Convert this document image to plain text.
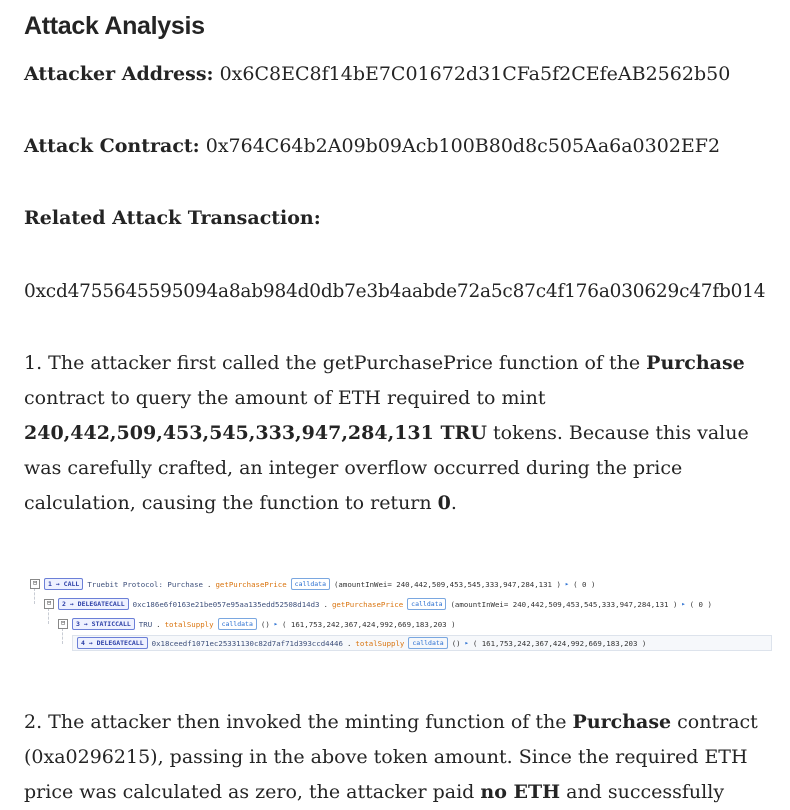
Attack Analysis

Attacker Address: 0x6C8EC8f14bE7C01672d31CFa5f2CEfeAB2562b50

Attack Contract: 0x764C64b2A09b09Acb100B80d8c505Aa6a0302EF2

Related Attack Transaction:

0xcd4755645595094a8ab984d0db7e3b4aabde72a5c87c4f176a030629c47fb014

1. The attacker first called the getPurchasePrice function of the Purchase contract to query the amount of ETH required to mint 240,442,509,453,545,333,947,284,131 TRU tokens. Because this value was carefully crafted, an integer overflow occurred during the price calculation, causing the function to return 0.

⊟	1 → CALL	Truebit Protocol: Purchase . getPurchasePrice	calldata	(amountInWei= 240,442,509,453,545,333,947,284,131 ) ▸ ( 0 )
⊟	2 → DELEGATECALL	0xc186e6f0163e21be057e95aa135edd52508d14d3 . getPurchasePrice	calldata	(amountInWei= 240,442,509,453,545,333,947,284,131 ) ▸ ( 0 )
⊟	3 → STATICCALL	TRU . totalSupply	calldata	() ▸ ( 161,753,242,367,424,992,669,183,203 )
4 → DELEGATECALL	0x18ceedf1071ec25331130c82d7af71d393ccd4446 . totalSupply	calldata	() ▸ ( 161,753,242,367,424,992,669,183,203 )

2. The attacker then invoked the minting function of the Purchase contract (0xa0296215), passing in the above token amount. Since the required ETH price was calculated as zero, the attacker paid no ETH and successfully
